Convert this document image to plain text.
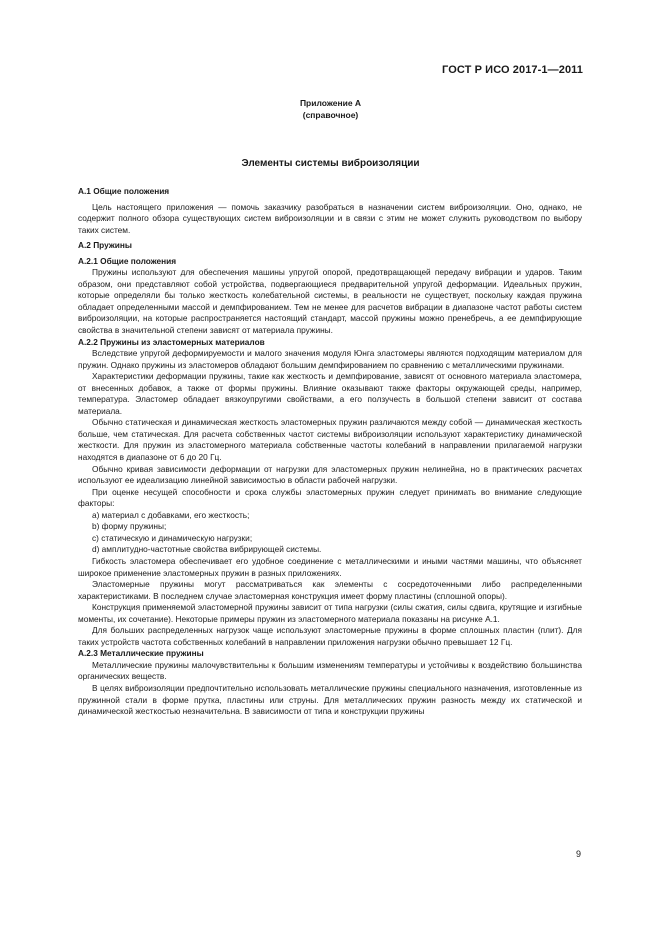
ГОСТ Р ИСО 2017-1—2011
Приложение А
(справочное)
Элементы системы виброизоляции
А.1 Общие положения

Цель настоящего приложения — помочь заказчику разобраться в назначении систем виброизоляции. Оно, однако, не содержит полного обзора существующих систем виброизоляции и в связи с этим не может служить руководством по выбору таких систем.

А.2 Пружины
А.2.1 Общие положения

Пружины используют для обеспечения машины упругой опорой, предотвращающей передачу вибрации и ударов. Таким образом, они представляют собой устройства, подвергающиеся предварительной упругой деформации. Идеальных пружин, которые определяли бы только жесткость колебательной системы, в реальности не существует, поскольку каждая пружина обладает определенными массой и демпфированием. Тем не менее для расчетов вибрации в диапазоне частот работы систем виброизоляции, на которые распространяется настоящий стандарт, массой пружины можно пренебречь, а ее демпфирующие свойства в значительной степени зависят от материала пружины.

А.2.2 Пружины из эластомерных материалов

Вследствие упругой деформируемости и малого значения модуля Юнга эластомеры являются подходящим материалом для пружин. Однако пружины из эластомеров обладают большим демпфированием по сравнению с металлическими пружинами.

Характеристики деформации пружины, такие как жесткость и демпфирование, зависят от основного материала эластомера, от внесенных добавок, а также от формы пружины. Влияние оказывают также факторы окружающей среды, например, температура. Эластомер обладает вязкоупругими свойствами, а его ползучесть в большой степени зависит от состава материала.

Обычно статическая и динамическая жесткость эластомерных пружин различаются между собой — динамическая жесткость больше, чем статическая. Для расчета собственных частот системы виброизоляции используют характеристику динамической жесткости. Для пружин из эластомерного материала собственные частоты колебаний в направлении прилагаемой нагрузки находятся в диапазоне от 6 до 20 Гц.

Обычно кривая зависимости деформации от нагрузки для эластомерных пружин нелинейна, но в практических расчетах используют ее идеализацию линейной зависимостью в области рабочей нагрузки.

При оценке несущей способности и срока службы эластомерных пружин следует принимать во внимание следующие факторы:

а) материал с добавками, его жесткость;

b) форму пружины;

с) статическую и динамическую нагрузки;

d) амплитудно-частотные свойства вибрирующей системы.

Гибкость эластомера обеспечивает его удобное соединение с металлическими и иными частями машины, что объясняет широкое применение эластомерных пружин в разных приложениях.

Эластомерные пружины могут рассматриваться как элементы с сосредоточенными либо распределенными характеристиками. В последнем случае эластомерная конструкция имеет форму пластины (сплошной опоры).

Конструкция применяемой эластомерной пружины зависит от типа нагрузки (силы сжатия, силы сдвига, крутящие и изгибные моменты, их сочетание). Некоторые примеры пружин из эластомерного материала показаны на рисунке А.1.

Для больших распределенных нагрузок чаще используют эластомерные пружины в форме сплошных пластин (плит). Для таких устройств частота собственных колебаний в направлении приложения нагрузки обычно превышает 12 Гц.

А.2.3 Металлические пружины

Металлические пружины малочувствительны к большим изменениям температуры и устойчивы к воздействию большинства органических веществ.

В целях виброизоляции предпочтительно использовать металлические пружины специального назначения, изготовленные из пружинной стали в форме прутка, пластины или струны. Для металлических пружин разность между их статической и динамической жесткостью незначительна. В зависимости от типа и конструкции пружины

9
